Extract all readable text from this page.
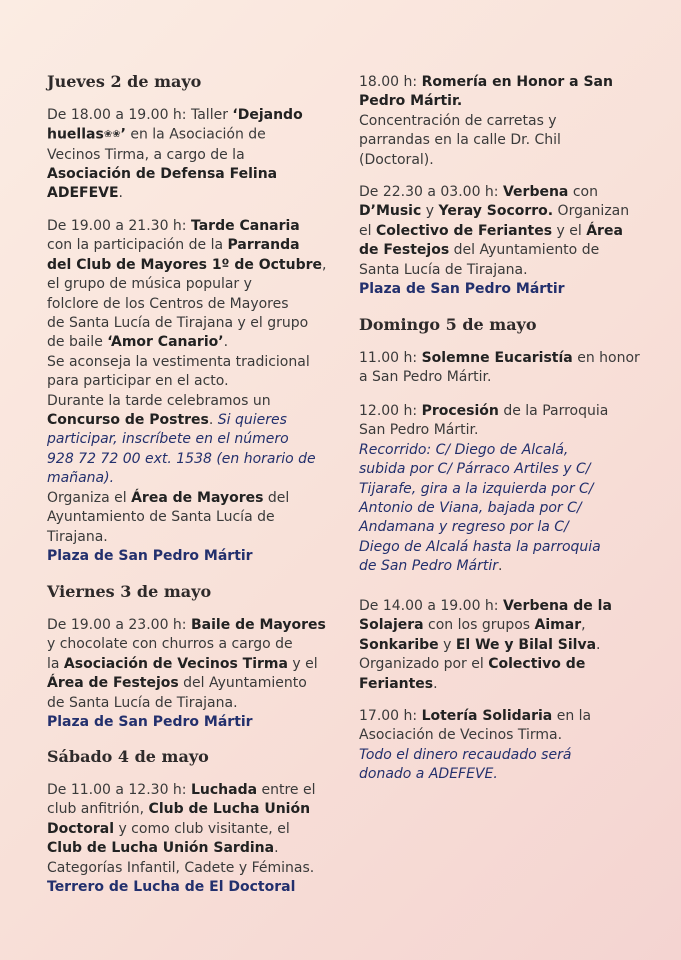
Jueves 2 de mayo
De 18.00 a 19.00 h: Taller ‘Dejando
huellas❀❀’ en la Asociación de
Vecinos Tirma, a cargo de la
Asociación de Defensa Felina
ADEFEVE.
De 19.00 a 21.30 h: Tarde Canaria
con la participación de la Parranda
del Club de Mayores 1º de Octubre,
el grupo de música popular y
folclore de los Centros de Mayores
de Santa Lucía de Tirajana y el grupo
de baile ‘Amor Canario’.
Se aconseja la vestimenta tradicional
para participar en el acto.
Durante la tarde celebramos un
Concurso de Postres. Si quieres
participar, inscríbete en el número
928 72 72 00 ext. 1538 (en horario de
mañana).
Organiza el Área de Mayores del
Ayuntamiento de Santa Lucía de
Tirajana.
Plaza de San Pedro Mártir
Viernes 3 de mayo
De 19.00 a 23.00 h: Baile de Mayores
y chocolate con churros a cargo de
la Asociación de Vecinos Tirma y el
Área de Festejos del Ayuntamiento
de Santa Lucía de Tirajana.
Plaza de San Pedro Mártir
Sábado 4 de mayo
De 11.00 a 12.30 h: Luchada entre el
club anfitrión, Club de Lucha Unión
Doctoral y como club visitante, el
Club de Lucha Unión Sardina.
Categorías Infantil, Cadete y Féminas.
Terrero de Lucha de El Doctoral
18.00 h: Romería en Honor a San
Pedro Mártir.
Concentración de carretas y
parrandas en la calle Dr. Chil
(Doctoral).
De 22.30 a 03.00 h: Verbena con
D’Music y Yeray Socorro. Organizan
el Colectivo de Feriantes y el Área
de Festejos del Ayuntamiento de
Santa Lucía de Tirajana.
Plaza de San Pedro Mártir
Domingo 5 de mayo
11.00 h: Solemne Eucaristía en honor
a San Pedro Mártir.
12.00 h: Procesión de la Parroquia
San Pedro Mártir.
Recorrido: C/ Diego de Alcalá,
subida por C/ Párraco Artiles y C/
Tijarafe, gira a la izquierda por C/
Antonio de Viana, bajada por C/
Andamana y regreso por la C/
Diego de Alcalá hasta la parroquia
de San Pedro Mártir.
De 14.00 a 19.00 h: Verbena de la
Solajera con los grupos Aimar,
Sonkaribe y El We y Bilal Silva.
Organizado por el Colectivo de
Feriantes.
17.00 h: Lotería Solidaria en la
Asociación de Vecinos Tirma.
Todo el dinero recaudado será
donado a ADEFEVE.
